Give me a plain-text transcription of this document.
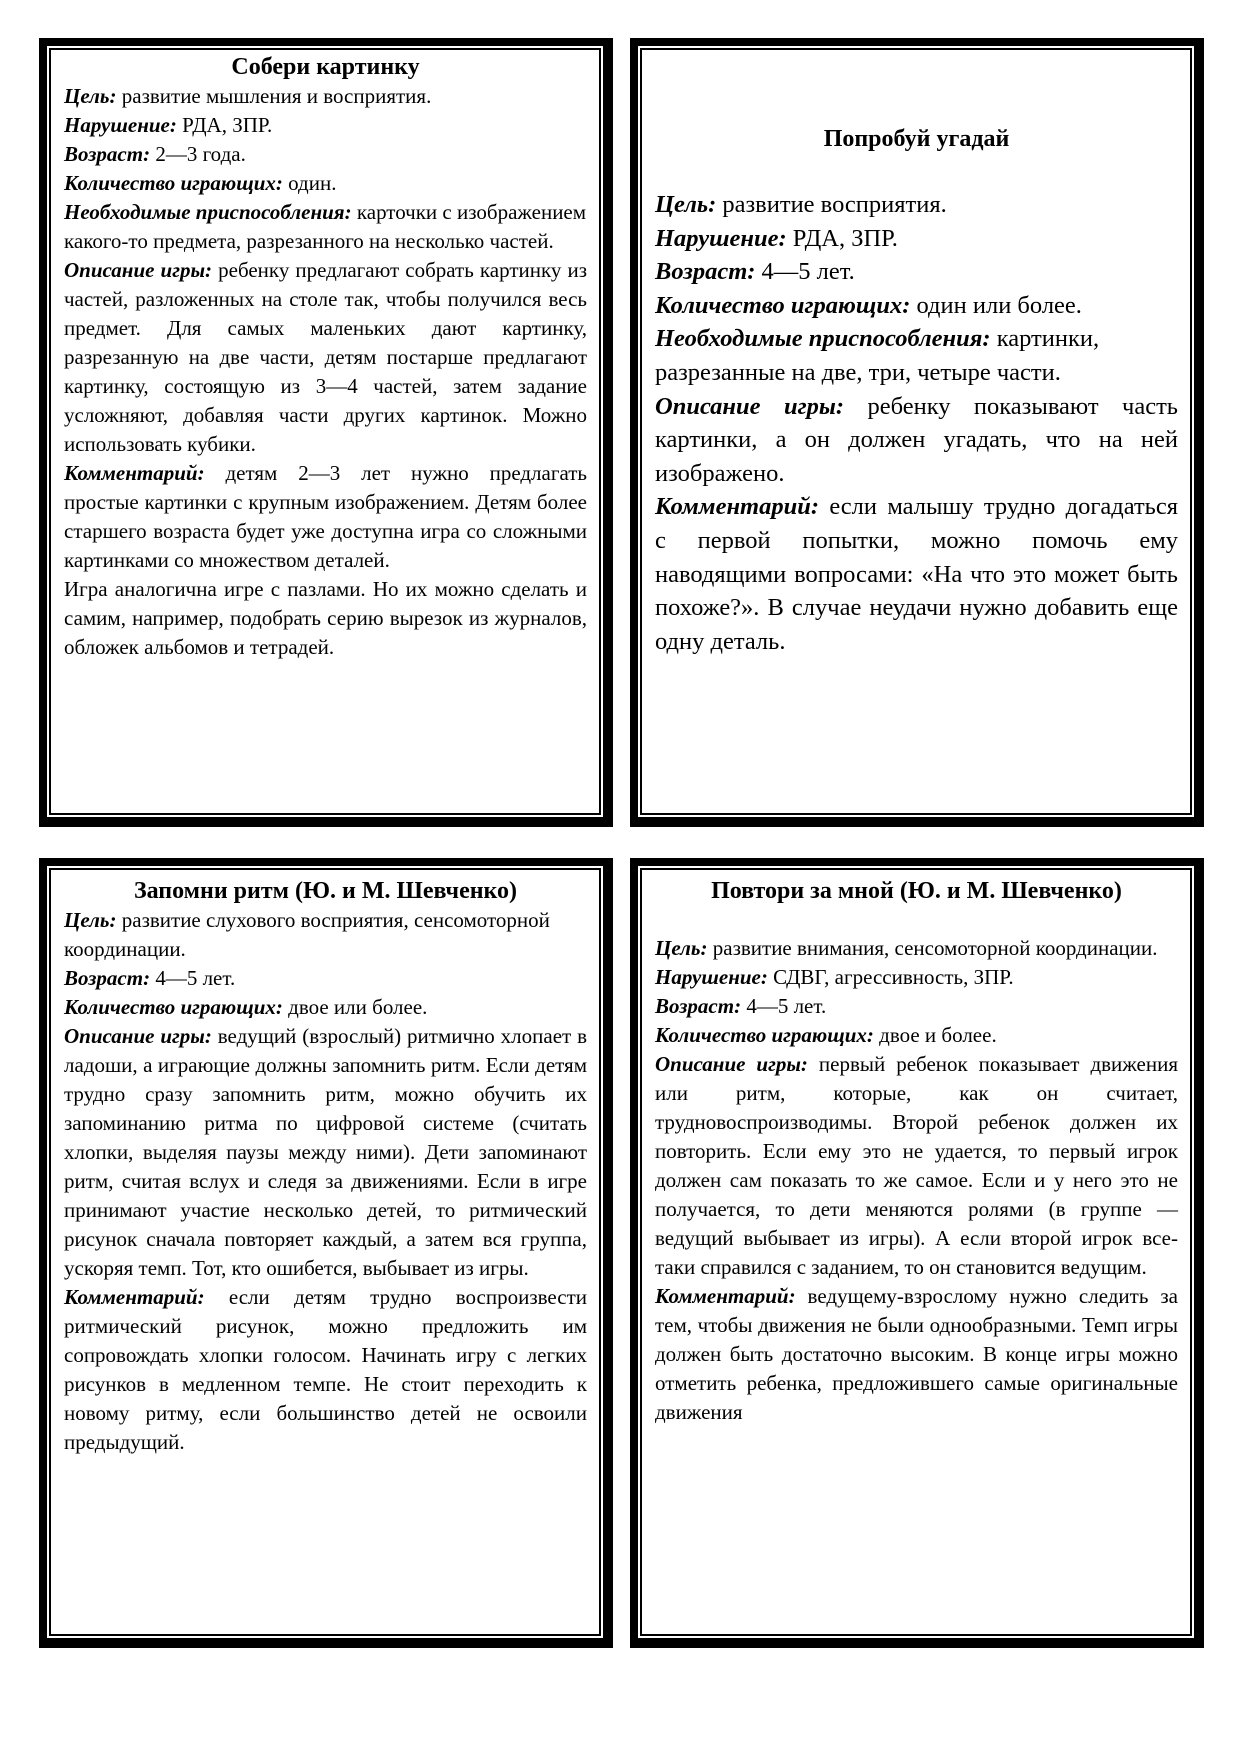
Собери картинку

Цель: развитие мышления и восприятия.

Нарушение: РДА, ЗПР.

Возраст: 2—3 года.

Количество играющих: один.

Необходимые приспособления: карточки с изображением какого-то предмета, разрезанного на несколько частей.

Описание игры: ребенку предлагают собрать картинку из частей, разложенных на столе так, чтобы получился весь предмет. Для самых маленьких дают картинку, разрезанную на две части, детям постарше предлагают картинку, состоящую из 3—4 частей, затем задание усложняют, добавляя части других картинок. Можно использовать кубики.

Комментарий: детям 2—3 лет нужно предлагать простые картинки с крупным изображением. Детям более старшего возраста будет уже доступна игра со сложными картинками со множеством деталей.

Игра аналогична игре с пазлами. Но их можно сделать и самим, например, подобрать серию вырезок из журналов, обложек альбомов и тетрадей.

Попробуй угадай

Цель: развитие восприятия.

Нарушение: РДА, ЗПР.

Возраст: 4—5 лет.

Количество играющих: один или более.

Необходимые приспособления: картинки, разрезанные на две, три, четыре части.

Описание игры: ребенку показывают часть картинки, а он должен угадать, что на ней изображено.

Комментарий: если малышу трудно догадаться с первой попытки, можно помочь ему наводящими вопросами: «На что это может быть похоже?». В случае неудачи нужно добавить еще одну деталь.

Запомни ритм (Ю. и М. Шевченко)

Цель: развитие слухового восприятия, сенсомоторной координации.

Возраст: 4—5 лет.

Количество играющих: двое или более.

Описание игры: ведущий (взрослый) ритмично хлопает в ладоши, а играющие должны запомнить ритм. Если детям трудно сразу запомнить ритм, можно обучить их запоминанию ритма по цифровой системе (считать хлопки, выделяя паузы между ними). Дети запоминают ритм, считая вслух и следя за движениями. Если в игре принимают участие несколько детей, то ритмический рисунок сначала повторяет каждый, а затем вся группа, ускоряя темп. Тот, кто ошибется, выбывает из игры.

Комментарий: если детям трудно воспроизвести ритмический рисунок, можно предложить им сопровождать хлопки голосом. Начинать игру с легких рисунков в медленном темпе. Не стоит переходить к новому ритму, если большинство детей не освоили предыдущий.

Повтори за мной (Ю. и М. Шевченко)

Цель: развитие внимания, сенсомоторной координации.

Нарушение: СДВГ, агрессивность, ЗПР.

Возраст: 4—5 лет.

Количество играющих: двое и более.

Описание игры: первый ребенок показывает движения или ритм, которые, как он считает, трудновоспроизводимы. Второй ребенок должен их повторить. Если ему это не удается, то первый игрок должен сам показать то же самое. Если и у него это не получается, то дети меняются ролями (в группе — ведущий выбывает из игры). А если второй игрок все-таки справился с заданием, то он становится ведущим.

Комментарий: ведущему-взрослому нужно следить за тем, чтобы движения не были однообразными. Темп игры должен быть достаточно высоким. В конце игры можно отметить ребенка, предложившего самые оригинальные движения
